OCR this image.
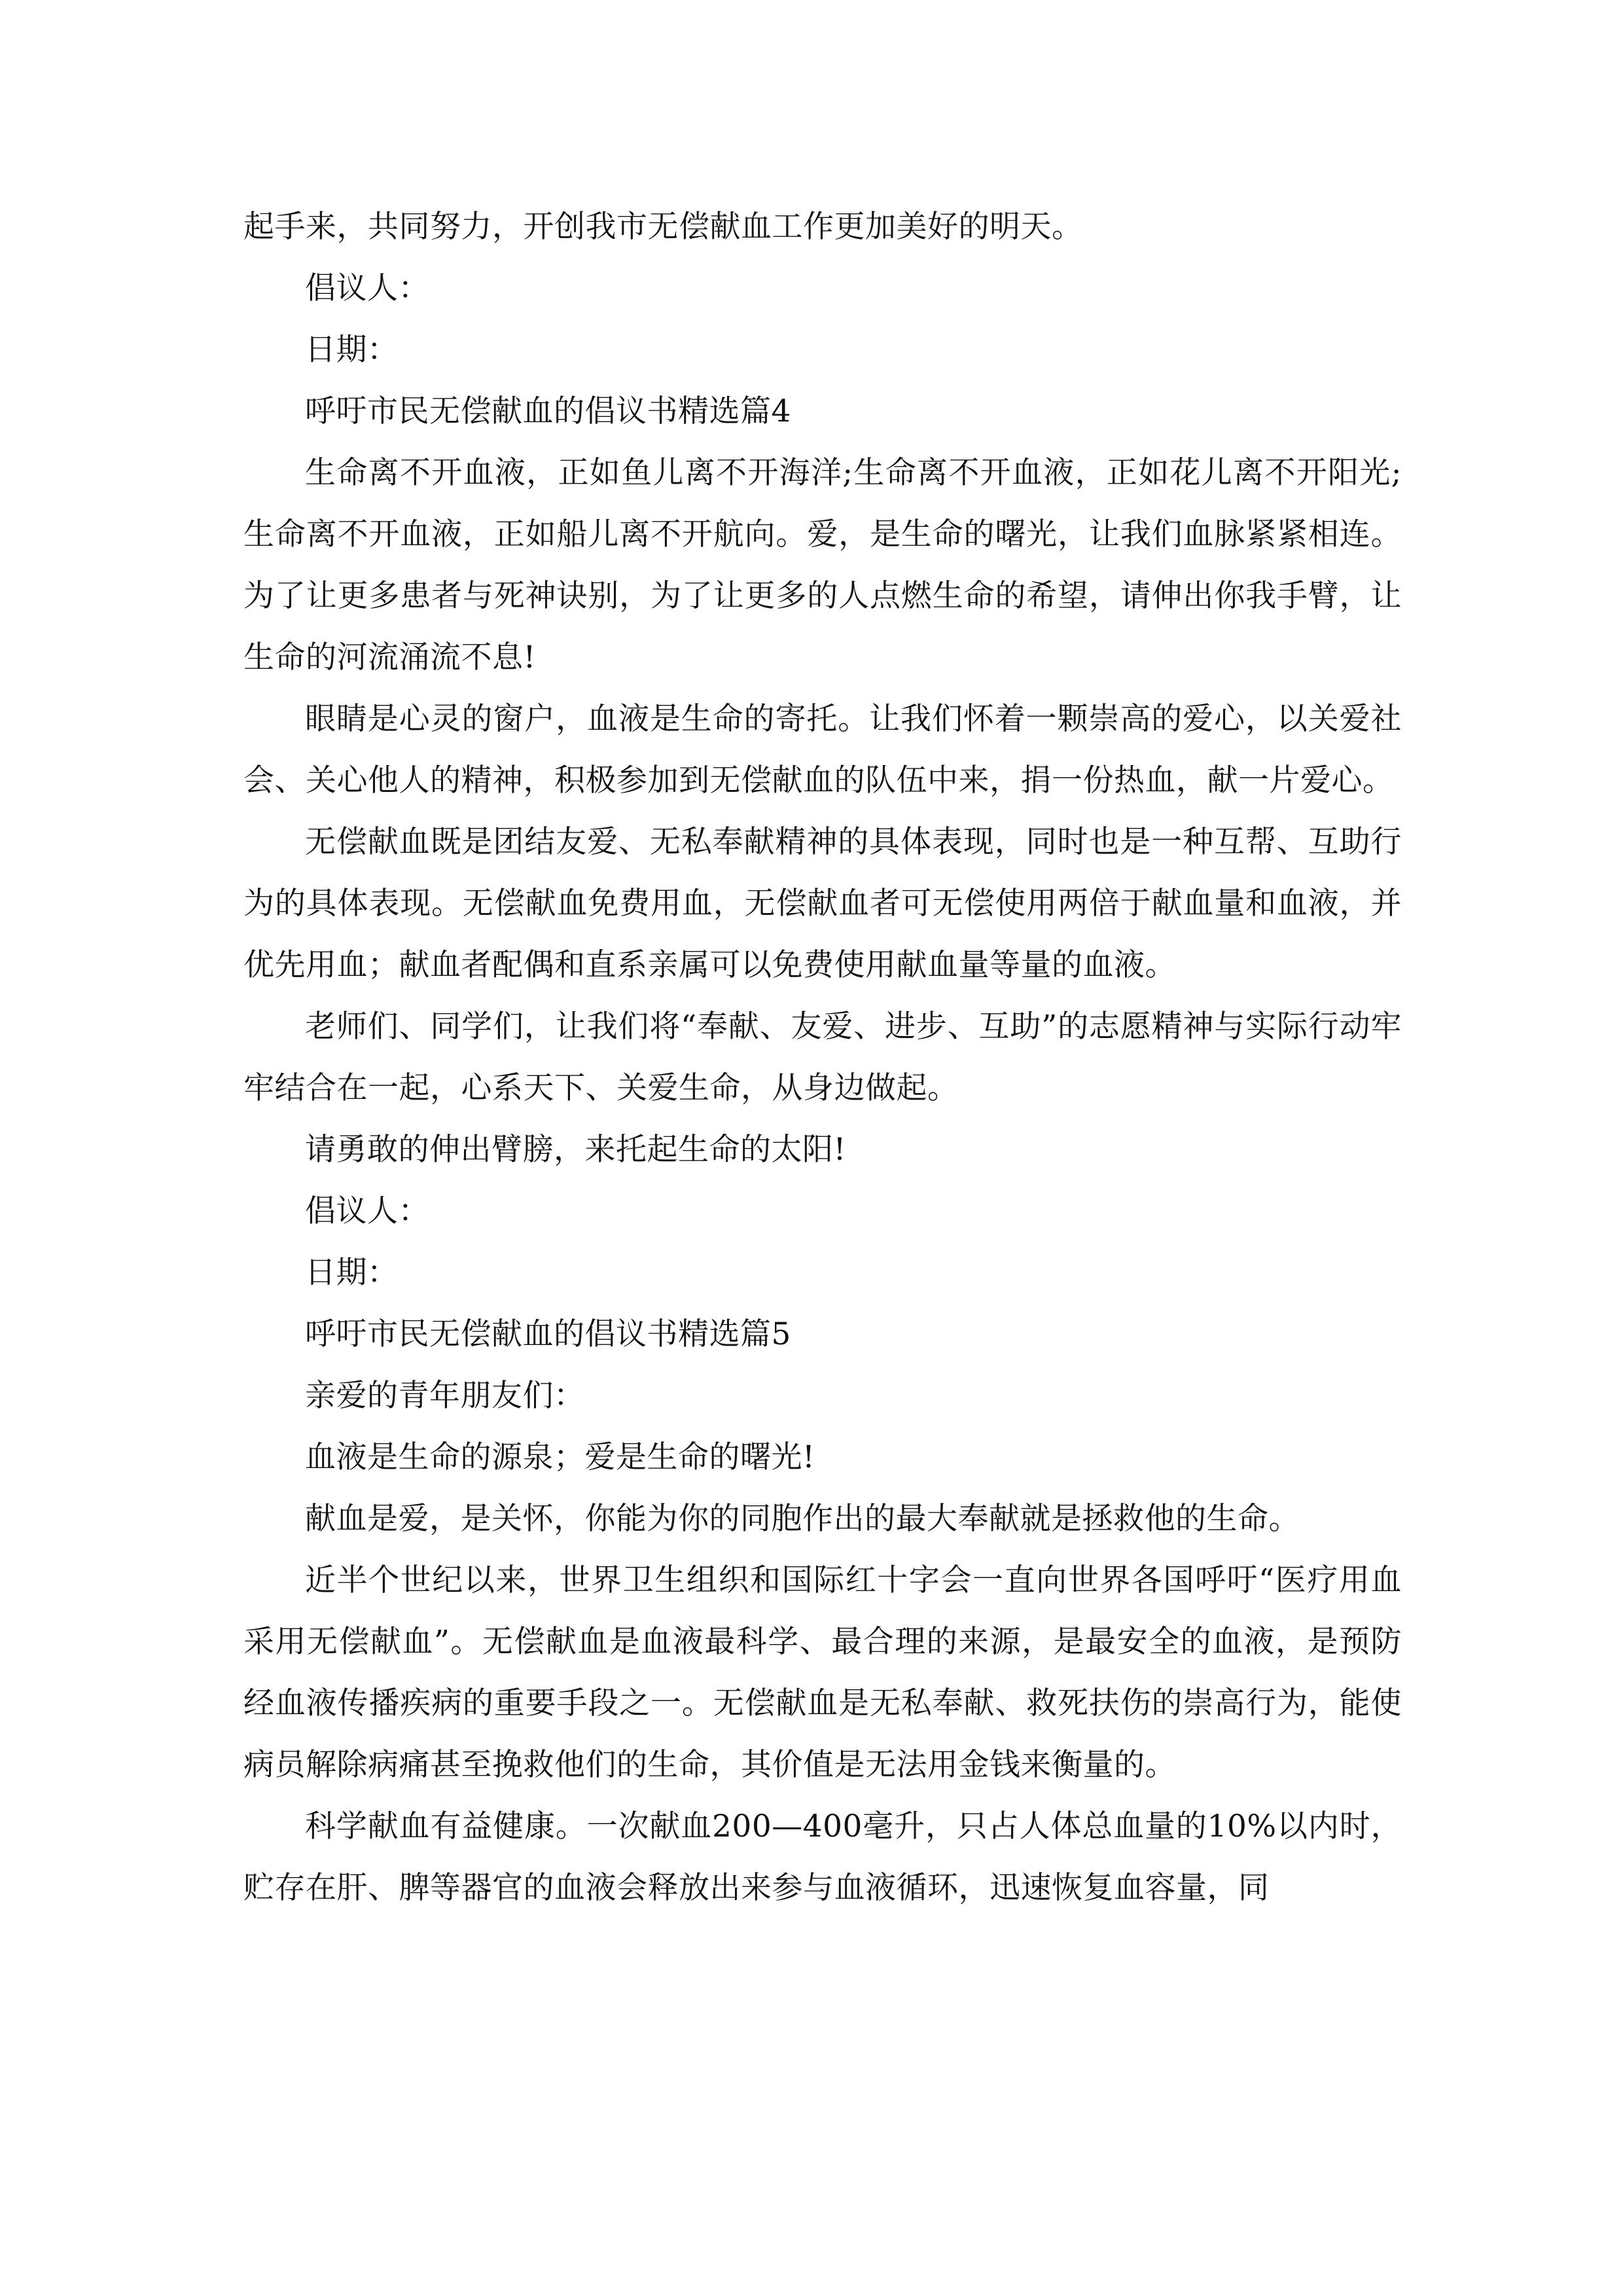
起手来，共同努力，开创我市无偿献血工作更加美好的明天。

倡议人：

日期：

呼吁市民无偿献血的倡议书精选篇4

生命离不开血液，正如鱼儿离不开海洋;生命离不开血液，正如花儿离不开阳光;生命离不开血液，正如船儿离不开航向。爱，是生命的曙光，让我们血脉紧紧相连。为了让更多患者与死神诀别，为了让更多的人点燃生命的希望，请伸出你我手臂，让生命的河流涌流不息!

眼睛是心灵的窗户，血液是生命的寄托。让我们怀着一颗崇高的爱心，以关爱社会、关心他人的精神，积极参加到无偿献血的队伍中来，捐一份热血，献一片爱心。

无偿献血既是团结友爱、无私奉献精神的具体表现，同时也是一种互帮、互助行为的具体表现。无偿献血免费用血，无偿献血者可无偿使用两倍于献血量和血液，并优先用血；献血者配偶和直系亲属可以免费使用献血量等量的血液。

老师们、同学们，让我们将“奉献、友爱、进步、互助”的志愿精神与实际行动牢牢结合在一起，心系天下、关爱生命，从身边做起。

请勇敢的伸出臂膀，来托起生命的太阳!

倡议人：

日期：

呼吁市民无偿献血的倡议书精选篇5

亲爱的青年朋友们：

血液是生命的源泉；爱是生命的曙光!

献血是爱，是关怀，你能为你的同胞作出的最大奉献就是拯救他的生命。

近半个世纪以来，世界卫生组织和国际红十字会一直向世界各国呼吁“医疗用血采用无偿献血”。无偿献血是血液最科学、最合理的来源，是最安全的血液，是预防经血液传播疾病的重要手段之一。无偿献血是无私奉献、救死扶伤的崇高行为，能使病员解除病痛甚至挽救他们的生命，其价值是无法用金钱来衡量的。

科学献血有益健康。一次献血200—400毫升，只占人体总血量的10%以内时，贮存在肝、脾等器官的血液会释放出来参与血液循环，迅速恢复血容量，同
